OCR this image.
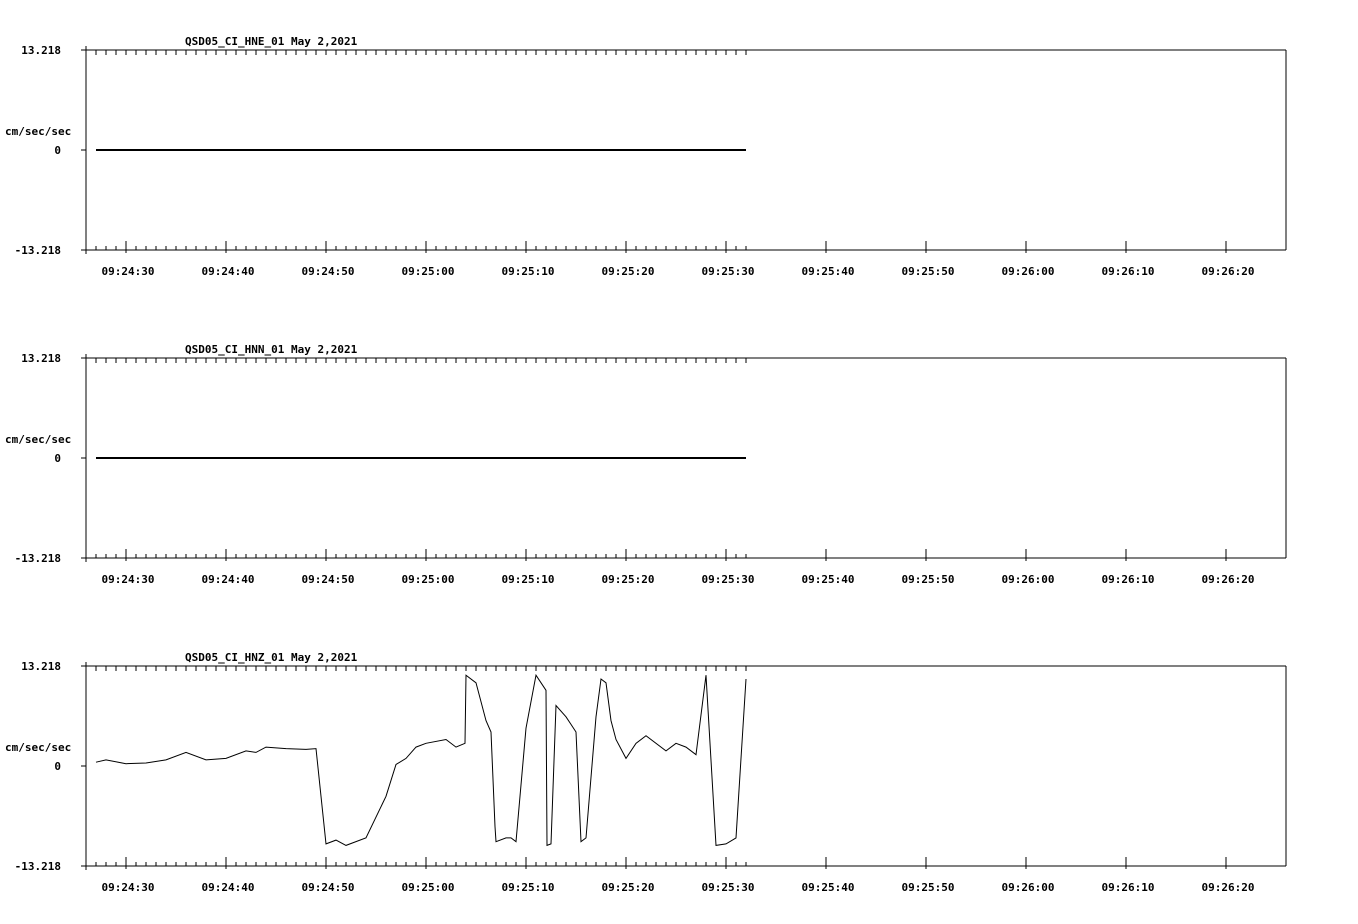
QSD05_CI_HNE_01 May 2,2021
cm/sec/sec
13.218
0
-13.218
09:24:30	09:24:40	09:24:50	09:25:00	09:25:10	09:25:20	09:25:30	09:25:40	09:25:50	09:26:00	09:26:10	09:26:20
QSD05_CI_HNN_01 May 2,2021
cm/sec/sec
13.218
0
-13.218
09:24:30	09:24:40	09:24:50	09:25:00	09:25:10	09:25:20	09:25:30	09:25:40	09:25:50	09:26:00	09:26:10	09:26:20
QSD05_CI_HNZ_01 May 2,2021
cm/sec/sec
13.218
0
-13.218
09:24:30	09:24:40	09:24:50	09:25:00	09:25:10	09:25:20	09:25:30	09:25:40	09:25:50	09:26:00	09:26:10	09:26:20
